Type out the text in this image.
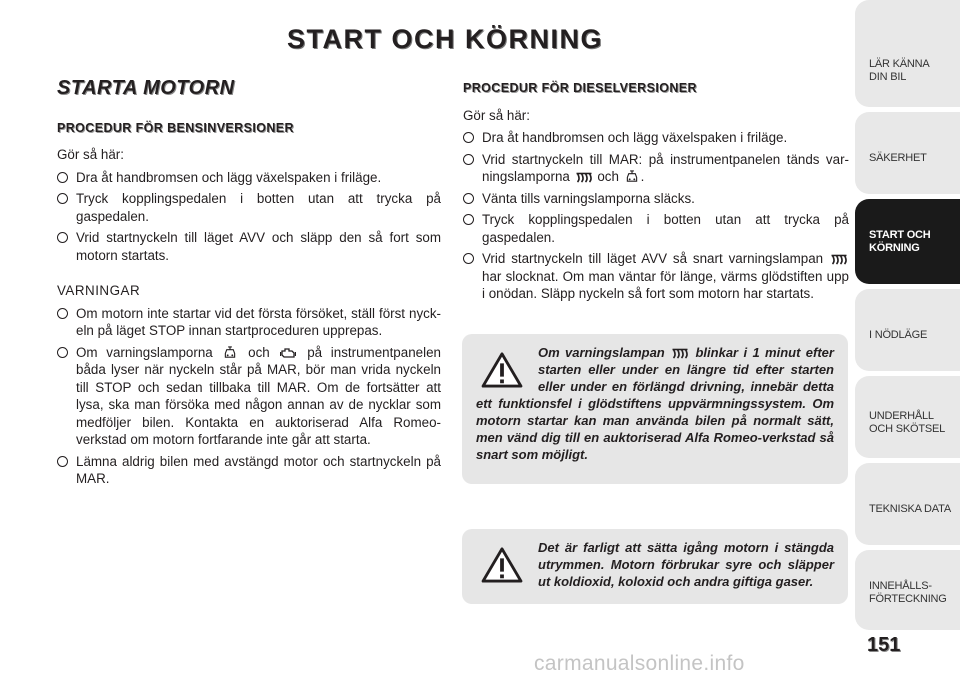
START OCH KÖRNING
STARTA MOTORN
PROCEDUR FÖR BENSINVERSIONER
Gör så här:
Dra åt handbromsen och lägg växelspaken i friläge.
Tryck kopplingspedalen i botten utan att trycka på gaspedalen.
Vrid startnyckeln till läget AVV och släpp den så fort som motorn startats.
VARNINGAR
Om motorn inte startar vid det första försöket, ställ först nyck-eln på läget STOP innan startproceduren upprepas.
Om varningslamporna	och	på instrumentpanelen båda lyser när nyckeln står på MAR, bör man vrida nyckeln till STOP och sedan tillbaka till MAR. Om de fortsätter att lysa, ska man försöka med någon annan av de nycklar som medföljer bilen. Kontakta en auktoriserad Alfa Romeo-verkstad om motorn fortfarande inte går att starta.
Lämna aldrig bilen med avstängd motor och startnyckeln på MAR.
PROCEDUR FÖR DIESELVERSIONER
Gör så här:
Dra åt handbromsen och lägg växelspaken i friläge.
Vrid startnyckeln till MAR: på instrumentpanelen tänds var-ningslamporna och .
Vänta tills varningslamporna släcks.
Tryck kopplingspedalen i botten utan att trycka på gaspedalen.
Vrid startnyckeln till läget AVV så snart varningslampan  har slocknat. Om man väntar för länge, värms glödstiften upp i onödan. Släpp nyckeln så fort som motorn har startats.
Om varningslampan blinkar i 1 minut efter starten eller under en längre tid efter starten eller under en förlängd drivning, innebär detta ett funktionsfel i glödstiftens uppvärmningssystem. Om motorn startar kan man använda bilen på normalt sätt, men vänd dig till en auktoriserad Alfa Romeo-verkstad så snart som möjligt.
Det är farligt att sätta igång motorn i stängda utrymmen. Motorn förbrukar syre och släpper ut koldioxid, koloxid och andra giftiga gaser.
LÄR KÄNNA
DIN BIL
SÄKERHET
START OCH
KÖRNING
I NÖDLÄGE
UNDERHÅLL
OCH SKÖTSEL
TEKNISKA DATA
INNEHÅLLS-
FÖRTECKNING
151
carmanualsonline.info
